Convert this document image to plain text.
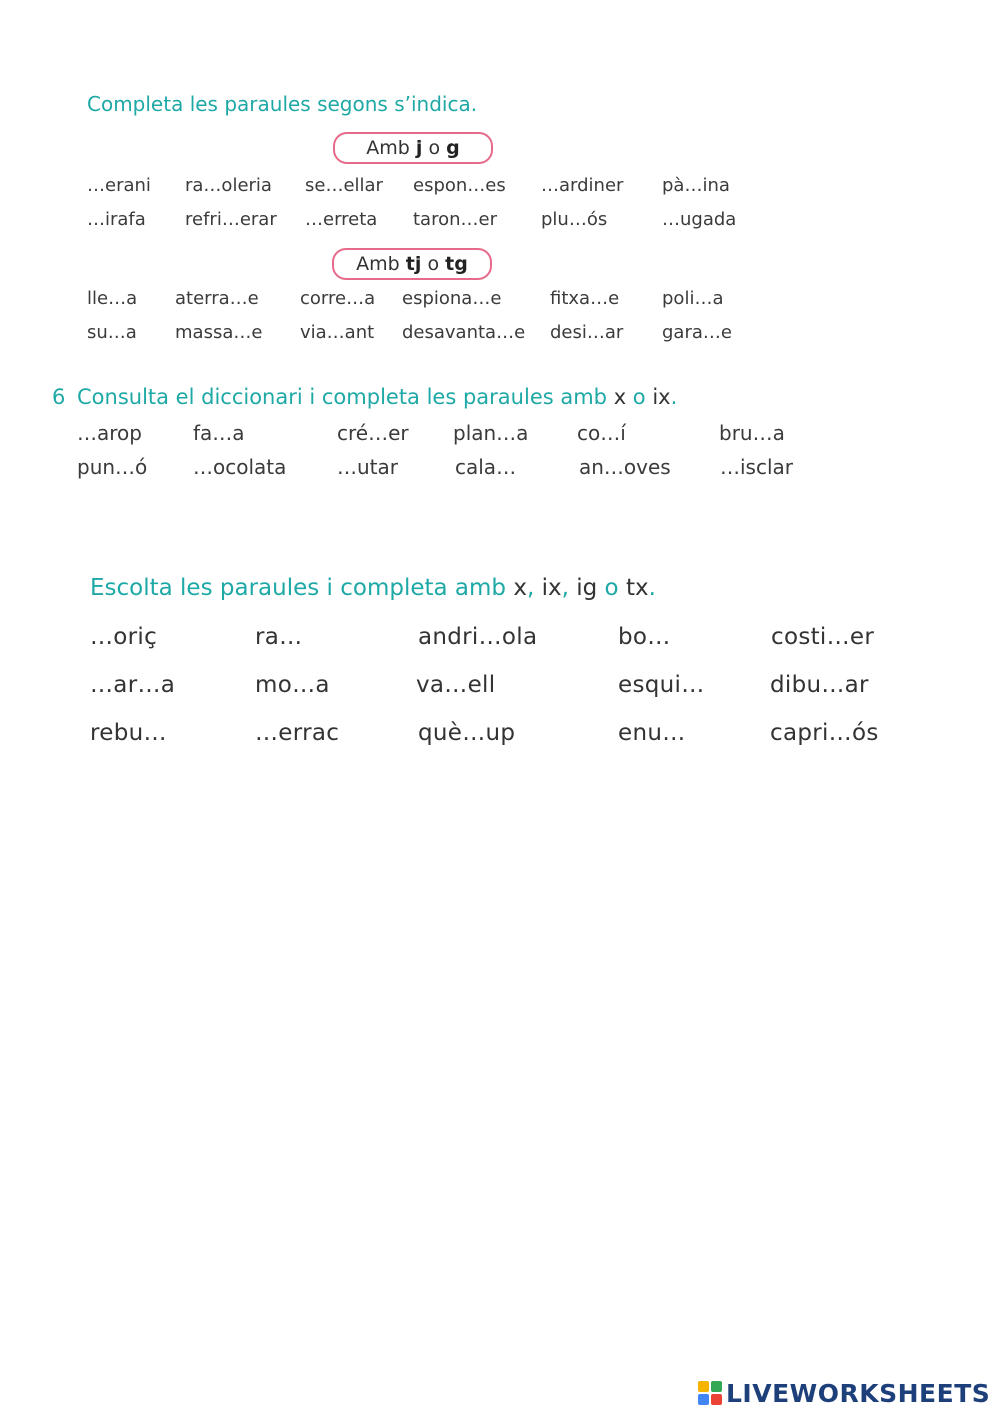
Completa les paraules segons s’indica.
Amb
j o g
…erani ra…oleria se…ellar espon…es …ardiner pà…ina
…irafa refri…erar …erreta taron…er plu…ós	…ugada
Amb
tj o tg
lle…a aterra…e corre…a espiona…e	fitxa…e poli…a
su…a massa…e via…ant desavanta…e desi…ar gara…e
6 Consulta el diccionari i completa les paraules amb x o ix.
…arop	fa…a	cré…er plan…a co…í	bru…a
pun…ó …ocolata	…utar	cala…	an…oves …isclar
Escolta les paraules i completa amb x, ix, ig o tx.
…oriç	ra…	andri…ola	bo…	costi…er
…ar…a	mo…a	va…ell	esqui…	dibu…ar
rebu…	…errac	què…up	enu…	capri…ós
LIVEWORKSHEETS
